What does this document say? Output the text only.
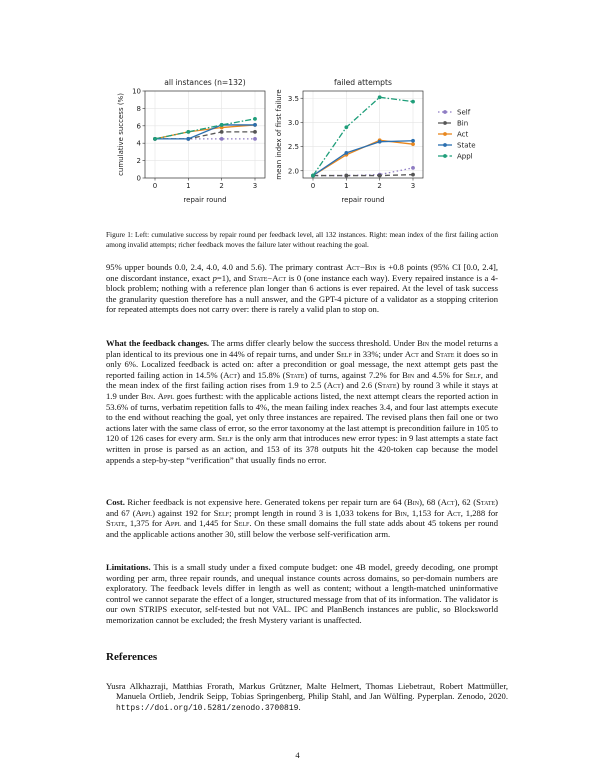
0
2
4
6
8
10
0	1	2	3
all instances (n=132)
repair round
cumulative success (%)	2.0
2.5
3.0
3.5
0	1	2	3
failed attempts
repair round
mean index of first failure	Self
Bin
Act
State
Appl

Figure 1: Left: cumulative success by repair round per feedback level, all 132 instances. Right: mean index of the first failing action among invalid attempts; richer feedback moves the failure later without reaching the goal.

95% upper bounds 0.0, 2.4, 4.0, 4.0 and 5.6). The primary contrast Act−Bin is +0.8 points (95% CI [0.0, 2.4], one discordant instance, exact p=1), and State−Act is 0 (one instance each way). Every repaired instance is a 4-block problem; nothing with a reference plan longer than 6 actions is ever repaired. At the level of task success the granularity question therefore has a null answer, and the GPT-4 picture of a validator as a stopping criterion for repeated attempts does not carry over: there is rarely a valid plan to stop on.

What the feedback changes. The arms differ clearly below the success threshold. Under Bin the model returns a plan identical to its previous one in 44% of repair turns, and under Self in 33%; under Act and State it does so in only 6%. Localized feedback is acted on: after a precondition or goal message, the next attempt gets past the reported failing action in 14.5% (Act) and 15.8% (State) of turns, against 7.2% for Bin and 4.5% for Self, and the mean index of the first failing action rises from 1.9 to 2.5 (Act) and 2.6 (State) by round 3 while it stays at 1.9 under Bin. Appl goes furthest: with the applicable actions listed, the next attempt clears the reported action in 53.6% of turns, verbatim repetition falls to 4%, the mean failing index reaches 3.4, and four last attempts execute to the end without reaching the goal, yet only three instances are repaired. The revised plans then fail one or two actions later with the same class of error, so the error taxonomy at the last attempt is precondition failure in 105 to 120 of 126 cases for every arm. Self is the only arm that introduces new error types: in 9 last attempts a state fact written in prose is parsed as an action, and 153 of its 378 outputs hit the 420-token cap because the model appends a step-by-step “verification” that usually finds no error.

Cost. Richer feedback is not expensive here. Generated tokens per repair turn are 64 (Bin), 68 (Act), 62 (State) and 67 (Appl) against 192 for Self; prompt length in round 3 is 1,033 tokens for Bin, 1,153 for Act, 1,288 for State, 1,375 for Appl and 1,445 for Self. On these small domains the full state adds about 45 tokens per round and the applicable actions another 30, still below the verbose self-verification arm.

Limitations. This is a small study under a fixed compute budget: one 4B model, greedy decoding, one prompt wording per arm, three repair rounds, and unequal instance counts across domains, so per-domain numbers are exploratory. The feedback levels differ in length as well as content; without a length-matched uninformative control we cannot separate the effect of a longer, structured message from that of its information. The validator is our own STRIPS executor, self-tested but not VAL. IPC and PlanBench instances are public, so Blocksworld memorization cannot be excluded; the fresh Mystery variant is unaffected.

References

Yusra Alkhazraji, Matthias Frorath, Markus Grützner, Malte Helmert, Thomas Liebetraut, Robert Mattmüller, Manuela Ortlieb, Jendrik Seipp, Tobias Springenberg, Philip Stahl, and Jan Wülfing. Pyperplan. Zenodo, 2020. https://doi.org/10.5281/zenodo.3700819.

4
